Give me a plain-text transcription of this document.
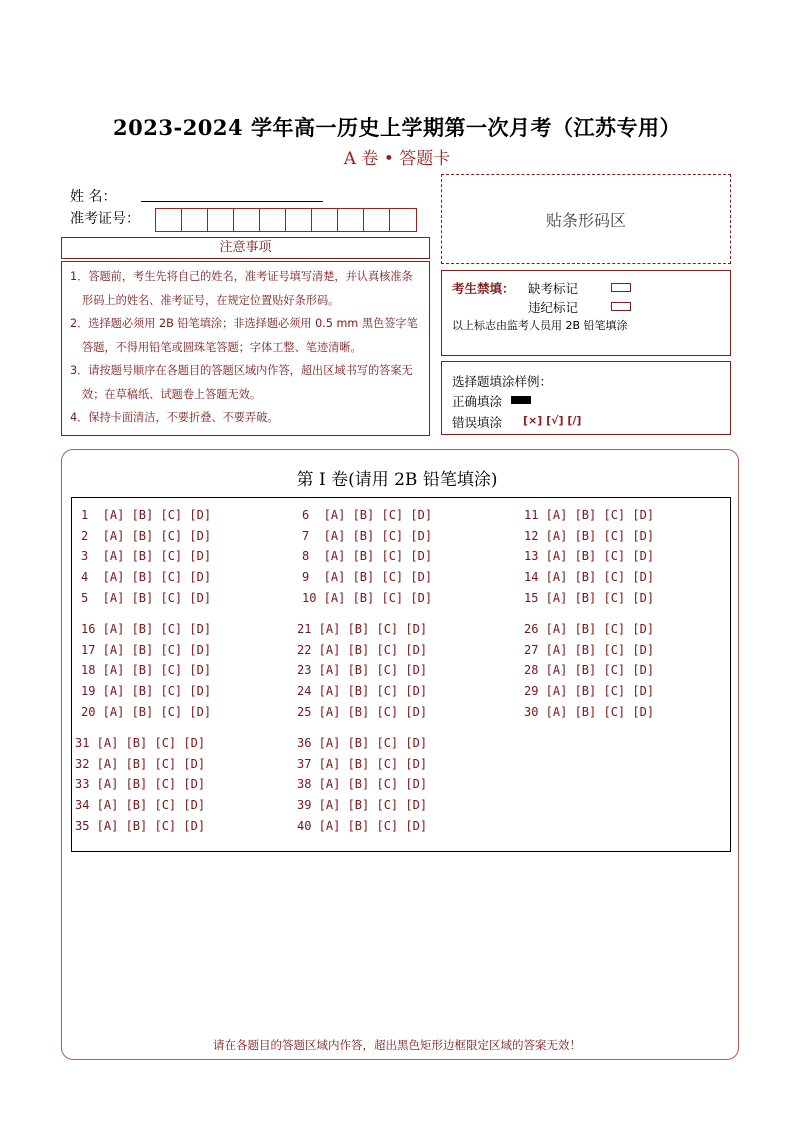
2023-2024 学年高一历史上学期第一次月考（江苏专用）
A 卷 • 答题卡
姓 名：
准考证号：
注意事项

1．答题前，考生先将自己的姓名，准考证号填写清楚，并认真核准条形码上的姓名、准考证号，在规定位置贴好条形码。

2．选择题必须用 2B 铅笔填涂；非选择题必须用 0.5 mm 黑色签字笔答题，不得用铅笔或圆珠笔答题；字体工整、笔迹清晰。

3．请按题号顺序在各题目的答题区域内作答，超出区域书写的答案无效；在草稿纸、试题卷上答题无效。

4．保持卡面清洁，不要折叠、不要弄破。

贴条形码区
考生禁填： 缺考标记
违纪标记
以上标志由监考人员用 2B 铅笔填涂
选择题填涂样例：
正确填涂
错误填涂 [×] [√] [/]
第 I 卷(请用 2B 铅笔填涂)
1  [A] [B] [C] [D]
2  [A] [B] [C] [D]
3  [A] [B] [C] [D]
4  [A] [B] [C] [D]
5  [A] [B] [C] [D]
6  [A] [B] [C] [D]
7  [A] [B] [C] [D]
8  [A] [B] [C] [D]
9  [A] [B] [C] [D]
10 [A] [B] [C] [D]
11 [A] [B] [C] [D]
12 [A] [B] [C] [D]
13 [A] [B] [C] [D]
14 [A] [B] [C] [D]
15 [A] [B] [C] [D]
16 [A] [B] [C] [D]
17 [A] [B] [C] [D]
18 [A] [B] [C] [D]
19 [A] [B] [C] [D]
20 [A] [B] [C] [D]
21 [A] [B] [C] [D]
22 [A] [B] [C] [D]
23 [A] [B] [C] [D]
24 [A] [B] [C] [D]
25 [A] [B] [C] [D]
26 [A] [B] [C] [D]
27 [A] [B] [C] [D]
28 [A] [B] [C] [D]
29 [A] [B] [C] [D]
30 [A] [B] [C] [D]
31 [A] [B] [C] [D]
32 [A] [B] [C] [D]
33 [A] [B] [C] [D]
34 [A] [B] [C] [D]
35 [A] [B] [C] [D]
36 [A] [B] [C] [D]
37 [A] [B] [C] [D]
38 [A] [B] [C] [D]
39 [A] [B] [C] [D]
40 [A] [B] [C] [D]
请在各题目的答题区域内作答，超出黑色矩形边框限定区域的答案无效！
